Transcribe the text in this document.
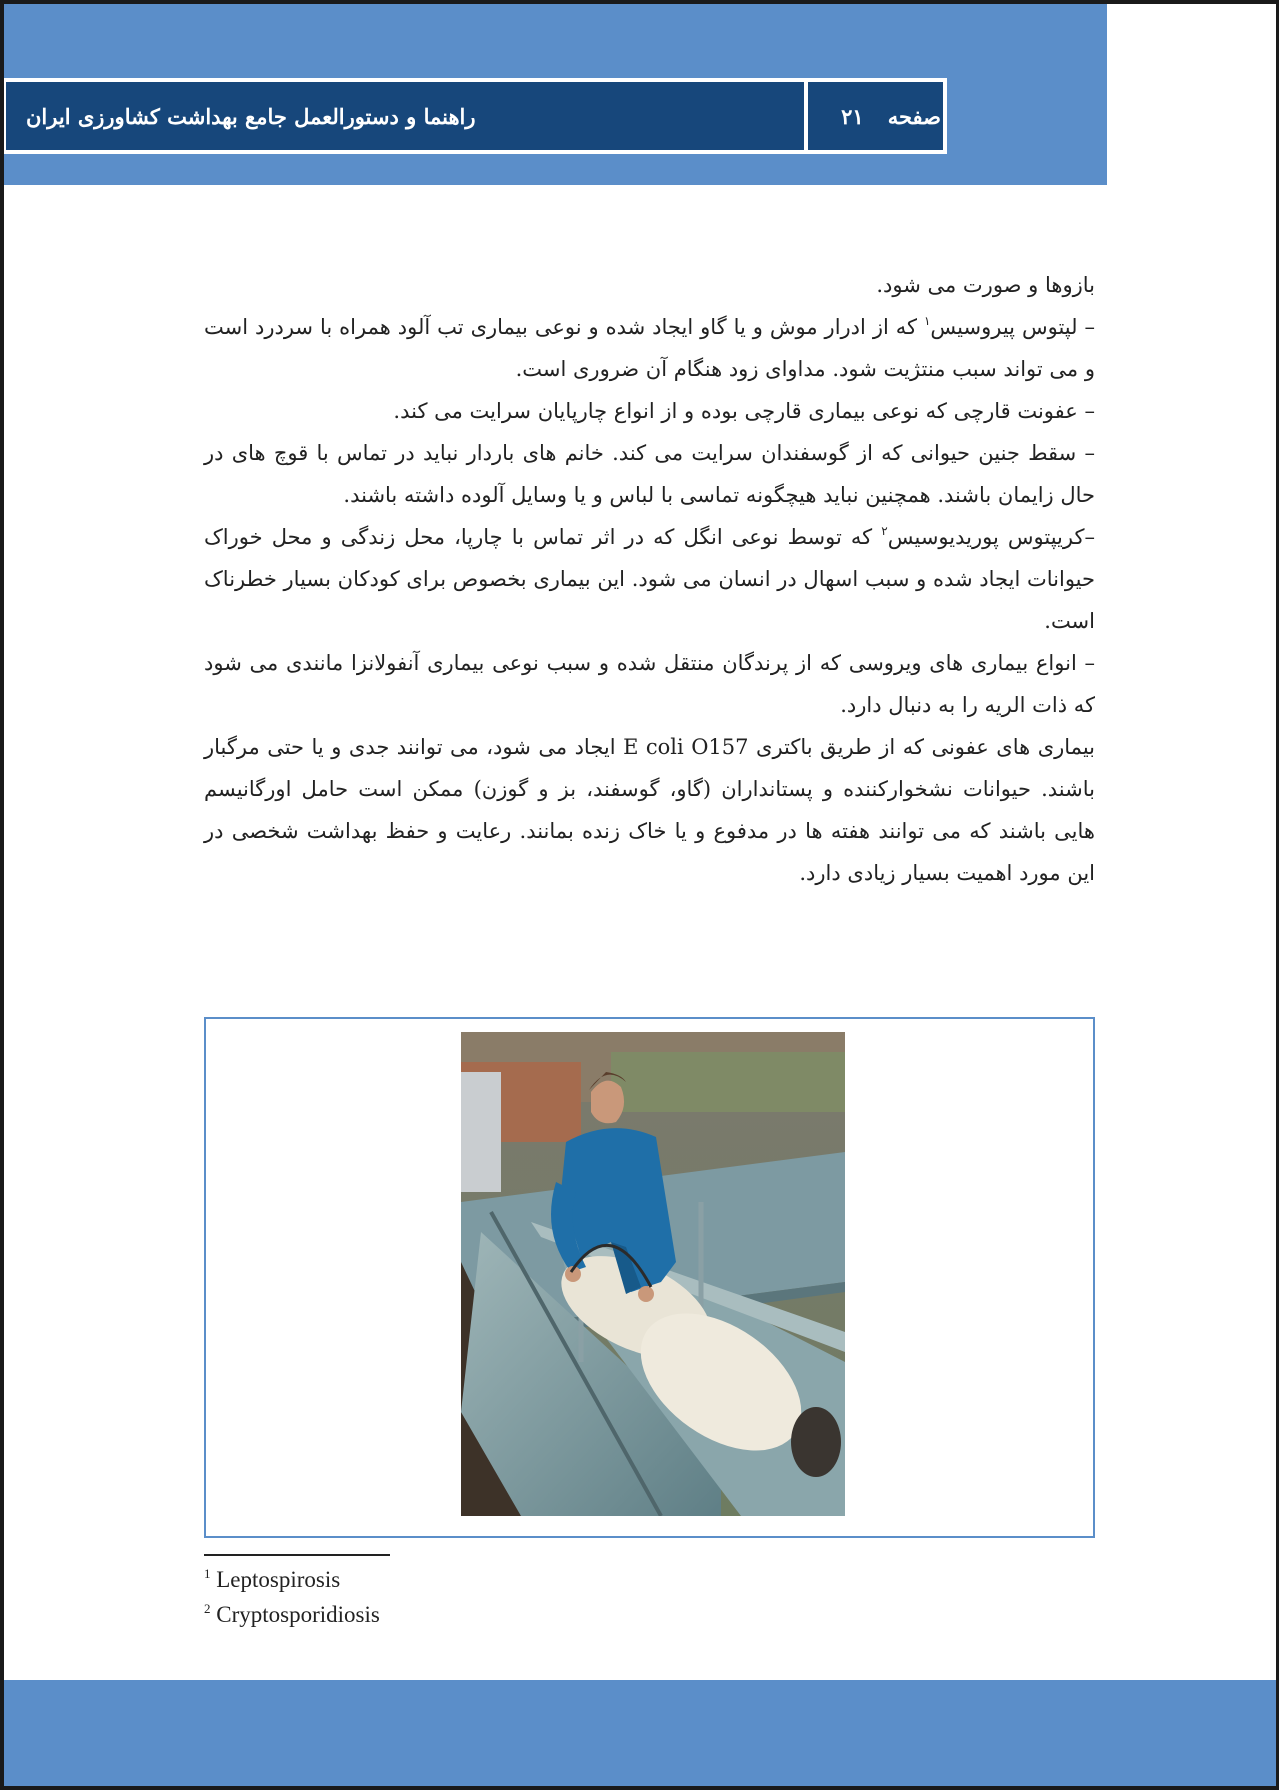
راهنما و دستورالعمل جامع بهداشت کشاورزی ایران	صفحه
۲۱

بازوها و صورت می شود.

– لپتوس پیروسیس$^۱$ که از ادرار موش و یا گاو ایجاد شده و نوعی بیماری تب آلود همراه با سردرد است و می تواند سبب منتژیت شود. مداوای زود هنگام آن ضروری است.

– عفونت قارچی که نوعی بیماری قارچی بوده و از انواع چارپایان سرایت می کند.

– سقط جنین حیوانی که از گوسفندان سرایت می کند. خانم های باردار نباید در تماس با قوچ های در حال زایمان باشند. همچنین نباید هیچگونه تماسی با لباس و یا وسایل آلوده داشته باشند.

–کریپتوس پوریدیوسیس$^۲$ که توسط نوعی انگل که در اثر تماس با چارپا، محل زندگی و محل خوراک حیوانات ایجاد شده و سبب اسهال در انسان می شود. این بیماری بخصوص برای کودکان بسیار خطرناک است.

– انواع بیماری های ویروسی که از پرندگان منتقل شده و سبب نوعی بیماری آنفولانزا مانندی می شود که ذات الریه را به دنبال دارد.

بیماری های عفونی که از طریق باکتری E coli O157 ایجاد می شود، می توانند جدی و یا حتی مرگبار باشند. حیوانات نشخوارکننده و پستانداران (گاو، گوسفند، بز و گوزن) ممکن است حامل اورگانیسم هایی باشند که می توانند هفته ها در مدفوع و یا خاک زنده بمانند. رعایت و حفظ بهداشت شخصی در این مورد اهمیت بسیار زیادی دارد.

$^1$ Leptospirosis
$^2$ Cryptosporidiosis
